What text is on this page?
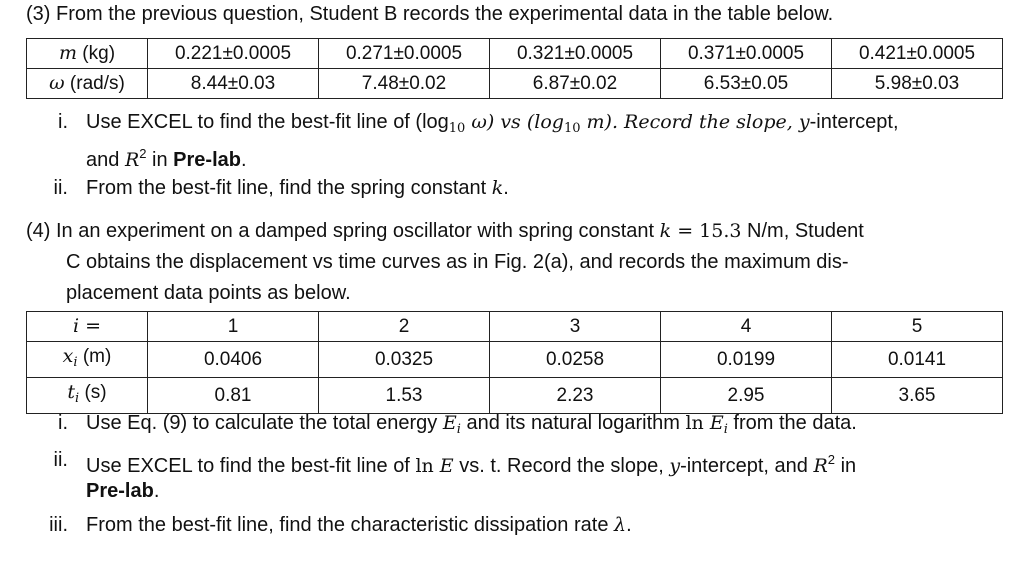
(3) From the previous question, Student B records the experimental data in the table below.
m (kg)	0.221±0.0005	0.271±0.0005	0.321±0.0005	0.371±0.0005	0.421±0.0005
ω (rad/s)	8.44±0.03	7.48±0.02	6.87±0.02	6.53±0.05	5.98±0.03
i. Use EXCEL to find the best-fit line of ($\log_{10}$ ω) vs ($\log_{10}$ m). Record the slope, y-intercept,
and $R^2$ in Pre-lab.
ii. From the best-fit line, find the spring constant k.
(4) In an experiment on a damped spring oscillator with spring constant k = 15.3 N/m, Student
C obtains the displacement vs time curves as in Fig. 2(a), and records the maximum dis-
placement data points as below.
i =	1	2	3	4	5
$x_i$ (m)	0.0406	0.0325	0.0258	0.0199	0.0141
$t_i$ (s)	0.81	1.53	2.23	2.95	3.65
i. Use Eq. (9) to calculate the total energy $E_i$ and its natural logarithm $\ln E_i$ from the data.
ii. Use EXCEL to find the best-fit line of ln E vs. t. Record the slope, y-intercept, and $R^2$ in
Pre-lab.
iii. From the best-fit line, find the characteristic dissipation rate λ.
